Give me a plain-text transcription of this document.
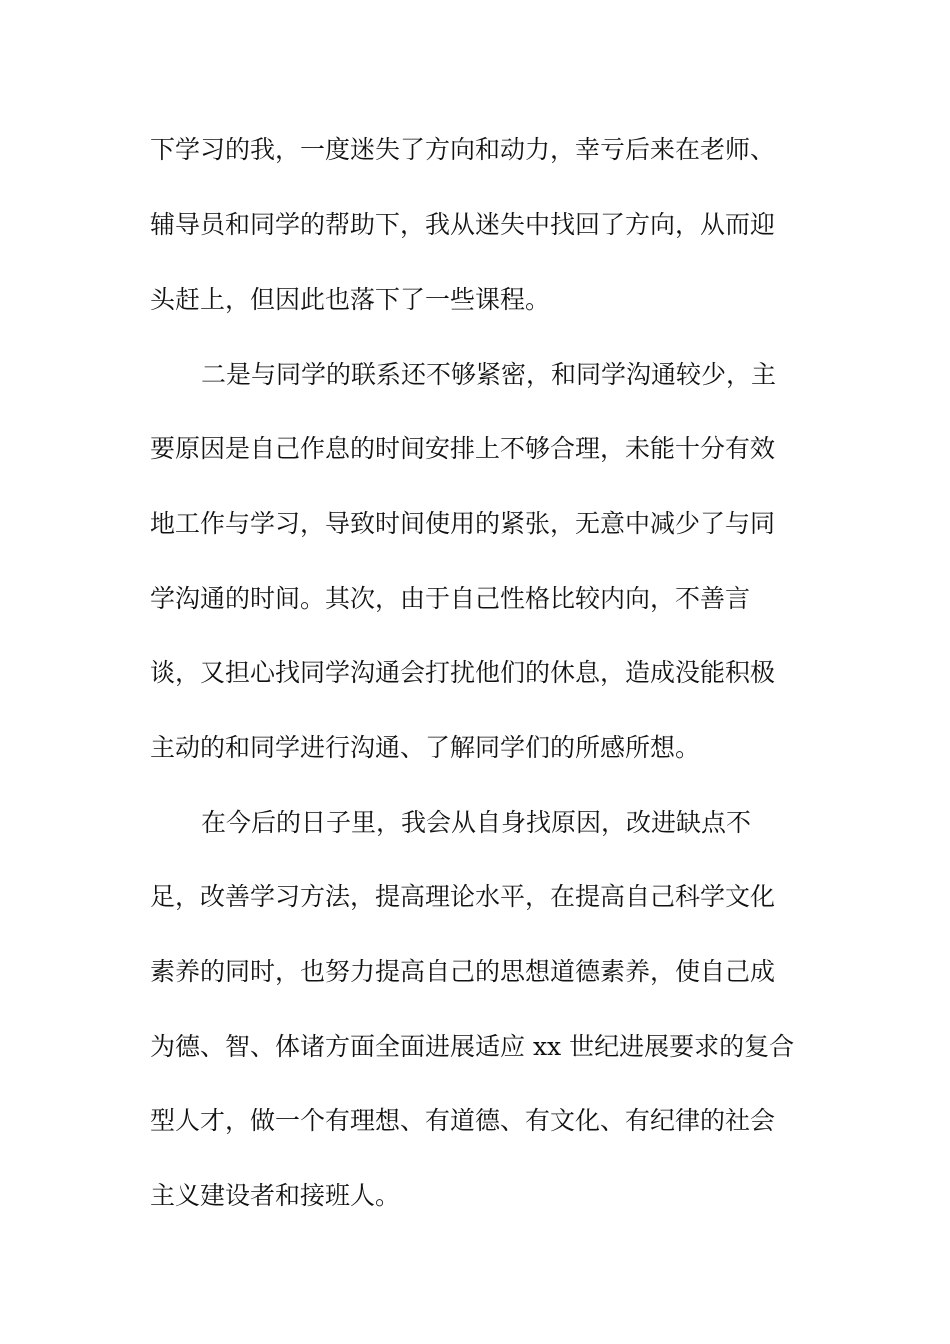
下学习的我，一度迷失了方向和动力，幸亏后来在老师、
辅导员和同学的帮助下，我从迷失中找回了方向，从而迎
头赶上，但因此也落下了一些课程。
二是与同学的联系还不够紧密，和同学沟通较少，主
要原因是自己作息的时间安排上不够合理，未能十分有效
地工作与学习，导致时间使用的紧张，无意中减少了与同
学沟通的时间。其次，由于自己性格比较内向，不善言
谈，又担心找同学沟通会打扰他们的休息，造成没能积极
主动的和同学进行沟通、了解同学们的所感所想。
在今后的日子里，我会从自身找原因，改进缺点不
足，改善学习方法，提高理论水平，在提高自己科学文化
素养的同时，也努力提高自己的思想道德素养，使自己成
为德、智、体诸方面全面进展适应 xx 世纪进展要求的复合
型人才，做一个有理想、有道德、有文化、有纪律的社会
主义建设者和接班人。
